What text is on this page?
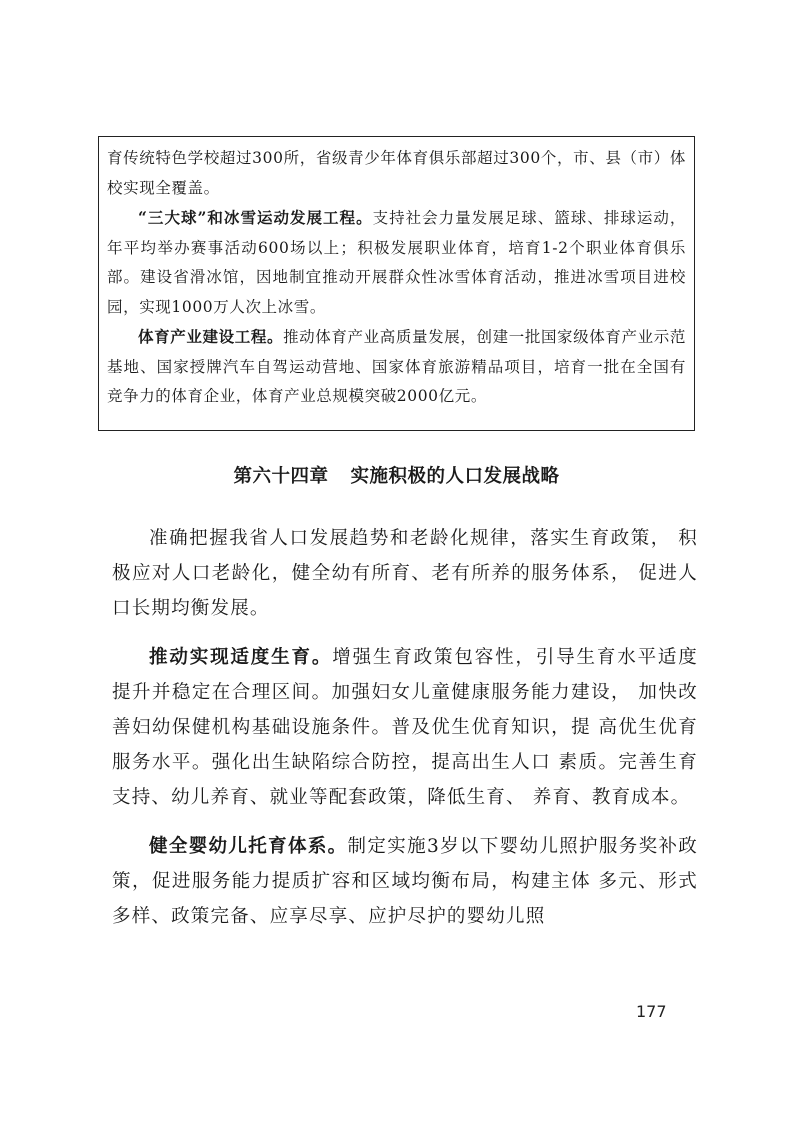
育传统特色学校超过300所，省级青少年体育俱乐部超过300个，市、县（市）体校实现全覆盖。

“三大球”和冰雪运动发展工程。支持社会力量发展足球、篮球、排球运动，年平均举办赛事活动600场以上；积极发展职业体育，培育1-2个职业体育俱乐部。建设省滑冰馆，因地制宜推动开展群众性冰雪体育活动，推进冰雪项目进校园，实现1000万人次上冰雪。

体育产业建设工程。推动体育产业高质量发展，创建一批国家级体育产业示范基地、国家授牌汽车自驾运动营地、国家体育旅游精品项目，培育一批在全国有竞争力的体育企业，体育产业总规模突破2000亿元。

第六十四章 实施积极的人口发展战略

准确把握我省人口发展趋势和老龄化规律，落实生育政策， 积极应对人口老龄化，健全幼有所育、老有所养的服务体系， 促进人口长期均衡发展。

推动实现适度生育。增强生育政策包容性，引导生育水平适度提升并稳定在合理区间。加强妇女儿童健康服务能力建设， 加快改善妇幼保健机构基础设施条件。普及优生优育知识，提 高优生优育服务水平。强化出生缺陷综合防控，提高出生人口 素质。完善生育支持、幼儿养育、就业等配套政策，降低生育、 养育、教育成本。

健全婴幼儿托育体系。制定实施3岁以下婴幼儿照护服务奖补政策，促进服务能力提质扩容和区域均衡布局，构建主体 多元、形式多样、政策完备、应享尽享、应护尽护的婴幼儿照

177
